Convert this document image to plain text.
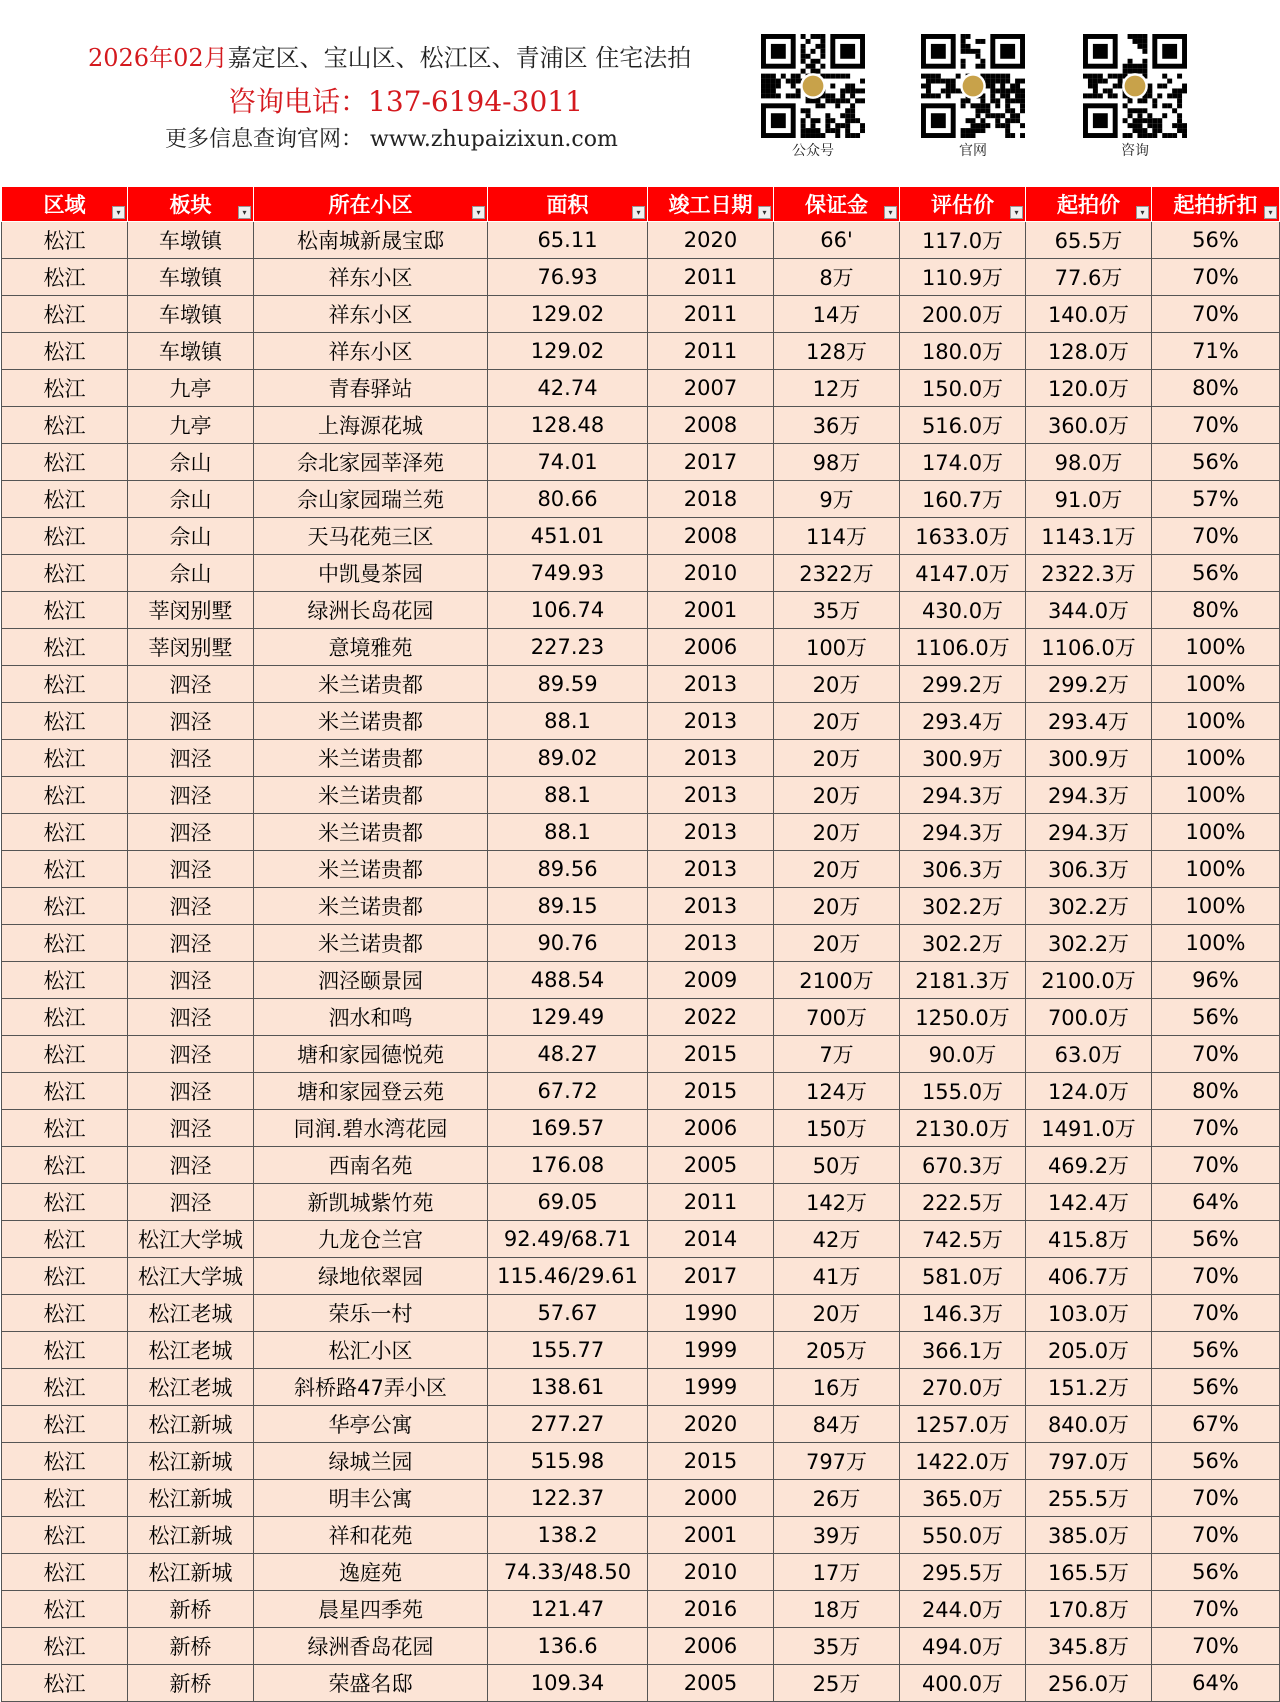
2026年02月嘉定区、宝山区、松江区、青浦区 住宅法拍
咨询电话：137-6194-3011
更多信息查询官网： www.zhupaizixun.com	公众号	官网	咨询
区域 ▾	板块 ▾	所在小区 ▾	面积 ▾	竣工日期 ▾	保证金 ▾	评估价 ▾	起拍价 ▾	起拍折扣 ▾

松江	车墩镇	松南城新晟宝邸	65.11	2020	66'	117.0万	65.5万	56%
松江	车墩镇	祥东小区	76.93	2011	8万	110.9万	77.6万	70%
松江	车墩镇	祥东小区	129.02	2011	14万	200.0万	140.0万	70%
松江	车墩镇	祥东小区	129.02	2011	128万	180.0万	128.0万	71%
松江	九亭	青春驿站	42.74	2007	12万	150.0万	120.0万	80%
松江	九亭	上海源花城	128.48	2008	36万	516.0万	360.0万	70%
松江	佘山	佘北家园莘泽苑	74.01	2017	98万	174.0万	98.0万	56%
松江	佘山	佘山家园瑞兰苑	80.66	2018	9万	160.7万	91.0万	57%
松江	佘山	天马花苑三区	451.01	2008	114万	1633.0万	1143.1万	70%
松江	佘山	中凯曼茶园	749.93	2010	2322万	4147.0万	2322.3万	56%
松江	莘闵别墅	绿洲长岛花园	106.74	2001	35万	430.0万	344.0万	80%
松江	莘闵别墅	意境雅苑	227.23	2006	100万	1106.0万	1106.0万	100%
松江	泗泾	米兰诺贵都	89.59	2013	20万	299.2万	299.2万	100%
松江	泗泾	米兰诺贵都	88.1	2013	20万	293.4万	293.4万	100%
松江	泗泾	米兰诺贵都	89.02	2013	20万	300.9万	300.9万	100%
松江	泗泾	米兰诺贵都	88.1	2013	20万	294.3万	294.3万	100%
松江	泗泾	米兰诺贵都	88.1	2013	20万	294.3万	294.3万	100%
松江	泗泾	米兰诺贵都	89.56	2013	20万	306.3万	306.3万	100%
松江	泗泾	米兰诺贵都	89.15	2013	20万	302.2万	302.2万	100%
松江	泗泾	米兰诺贵都	90.76	2013	20万	302.2万	302.2万	100%
松江	泗泾	泗泾颐景园	488.54	2009	2100万	2181.3万	2100.0万	96%
松江	泗泾	泗水和鸣	129.49	2022	700万	1250.0万	700.0万	56%
松江	泗泾	塘和家园德悦苑	48.27	2015	7万	90.0万	63.0万	70%
松江	泗泾	塘和家园登云苑	67.72	2015	124万	155.0万	124.0万	80%
松江	泗泾	同润.碧水湾花园	169.57	2006	150万	2130.0万	1491.0万	70%
松江	泗泾	西南名苑	176.08	2005	50万	670.3万	469.2万	70%
松江	泗泾	新凯城紫竹苑	69.05	2011	142万	222.5万	142.4万	64%
松江	松江大学城	九龙仓兰宫	92.49/68.71	2014	42万	742.5万	415.8万	56%
松江	松江大学城	绿地依翠园	115.46/29.61	2017	41万	581.0万	406.7万	70%
松江	松江老城	荣乐一村	57.67	1990	20万	146.3万	103.0万	70%
松江	松江老城	松汇小区	155.77	1999	205万	366.1万	205.0万	56%
松江	松江老城	斜桥路47弄小区	138.61	1999	16万	270.0万	151.2万	56%
松江	松江新城	华亭公寓	277.27	2020	84万	1257.0万	840.0万	67%
松江	松江新城	绿城兰园	515.98	2015	797万	1422.0万	797.0万	56%
松江	松江新城	明丰公寓	122.37	2000	26万	365.0万	255.5万	70%
松江	松江新城	祥和花苑	138.2	2001	39万	550.0万	385.0万	70%
松江	松江新城	逸庭苑	74.33/48.50	2010	17万	295.5万	165.5万	56%
松江	新桥	晨星四季苑	121.47	2016	18万	244.0万	170.8万	70%
松江	新桥	绿洲香岛花园	136.6	2006	35万	494.0万	345.8万	70%
松江	新桥	荣盛名邸	109.34	2005	25万	400.0万	256.0万	64%
